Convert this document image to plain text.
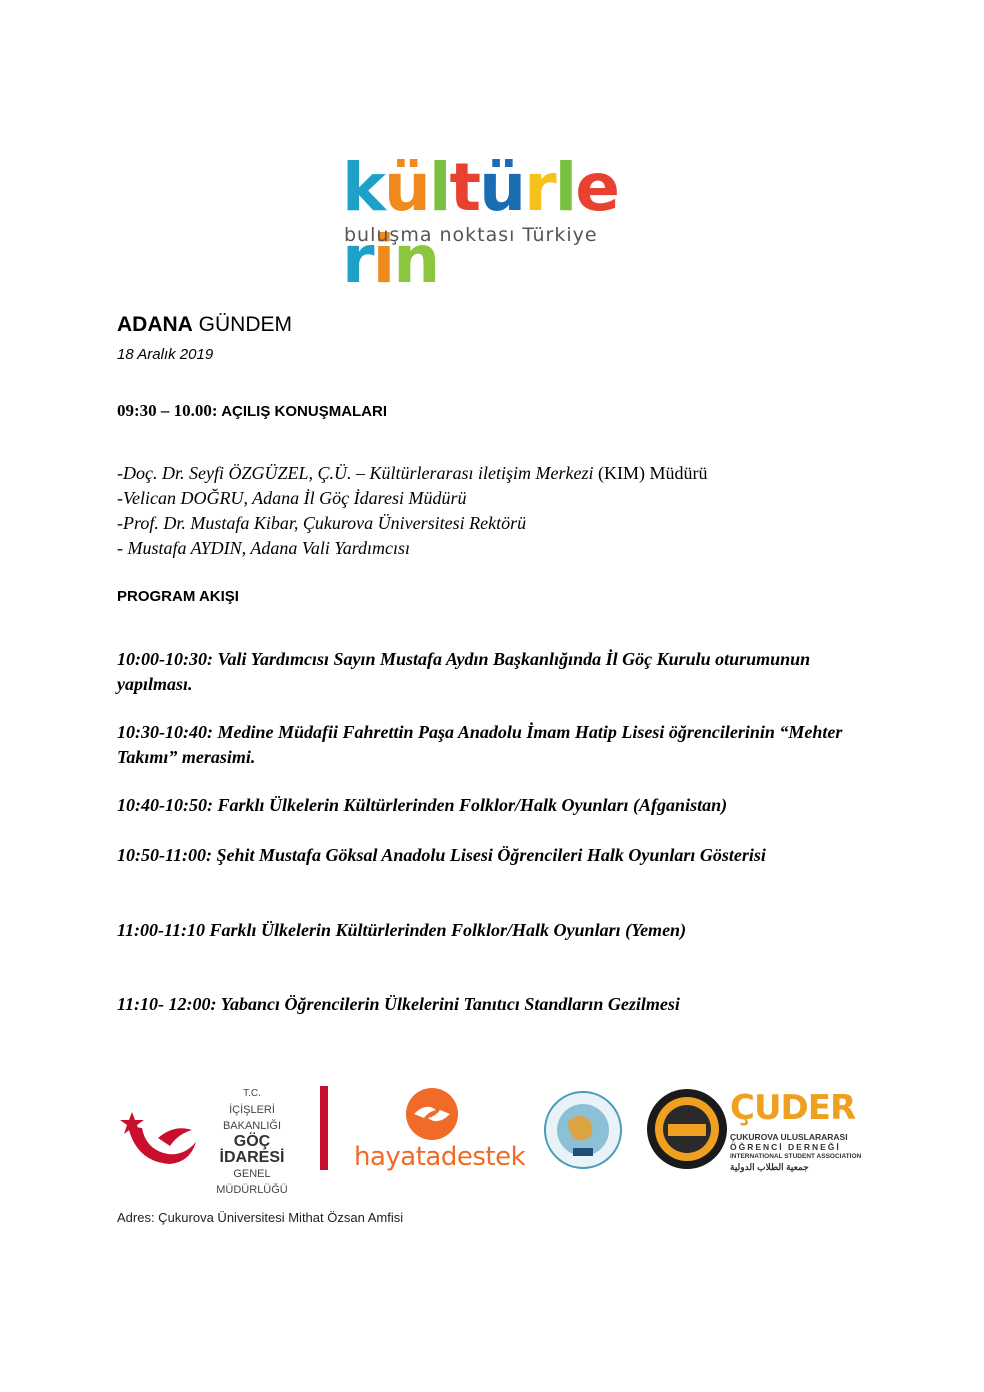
kültürlerin
buluşma noktası Türkiye
ADANA GÜNDEM
18 Aralık 2019
09:30 – 10.00: AÇILIŞ KONUŞMALARI
-Doç. Dr. Seyfi ÖZGÜZEL, Ç.Ü. – Kültürlerarası iletişim Merkezi (KIM) Müdürü
-Velican DOĞRU, Adana İl Göç İdaresi Müdürü
-Prof. Dr. Mustafa Kibar, Çukurova Üniversitesi Rektörü
- Mustafa AYDIN, Adana Vali Yardımcısı
PROGRAM AKIŞI
10:00-10:30: Vali Yardımcısı Sayın Mustafa Aydın Başkanlığında İl Göç Kurulu oturumunun yapılması.
10:30-10:40: Medine Müdafii Fahrettin Paşa Anadolu İmam Hatip Lisesi öğrencilerinin “Mehter Takımı” merasimi.
10:40-10:50: Farklı Ülkelerin Kültürlerinden Folklor/Halk Oyunları (Afganistan)
10:50-11:00: Şehit Mustafa Göksal Anadolu Lisesi Öğrencileri Halk Oyunları Gösterisi
11:00-11:10 Farklı Ülkelerin Kültürlerinden Folklor/Halk Oyunları (Yemen)
11:10- 12:00: Yabancı Öğrencilerin Ülkelerini Tanıtıcı Standların Gezilmesi
T.C.
İÇİŞLERİ BAKANLIĞI
GÖÇ İDARESİ
GENEL MÜDÜRLÜĞÜ
hayatadestek
ÇUDER
ÇUKUROVA ULUSLARARASI
ÖĞRENCİ DERNEĞİ
INTERNATIONAL STUDENT ASSOCIATION
جمعية الطلاب الدولية
Adres: Çukurova Üniversitesi Mithat Özsan Amfisi
